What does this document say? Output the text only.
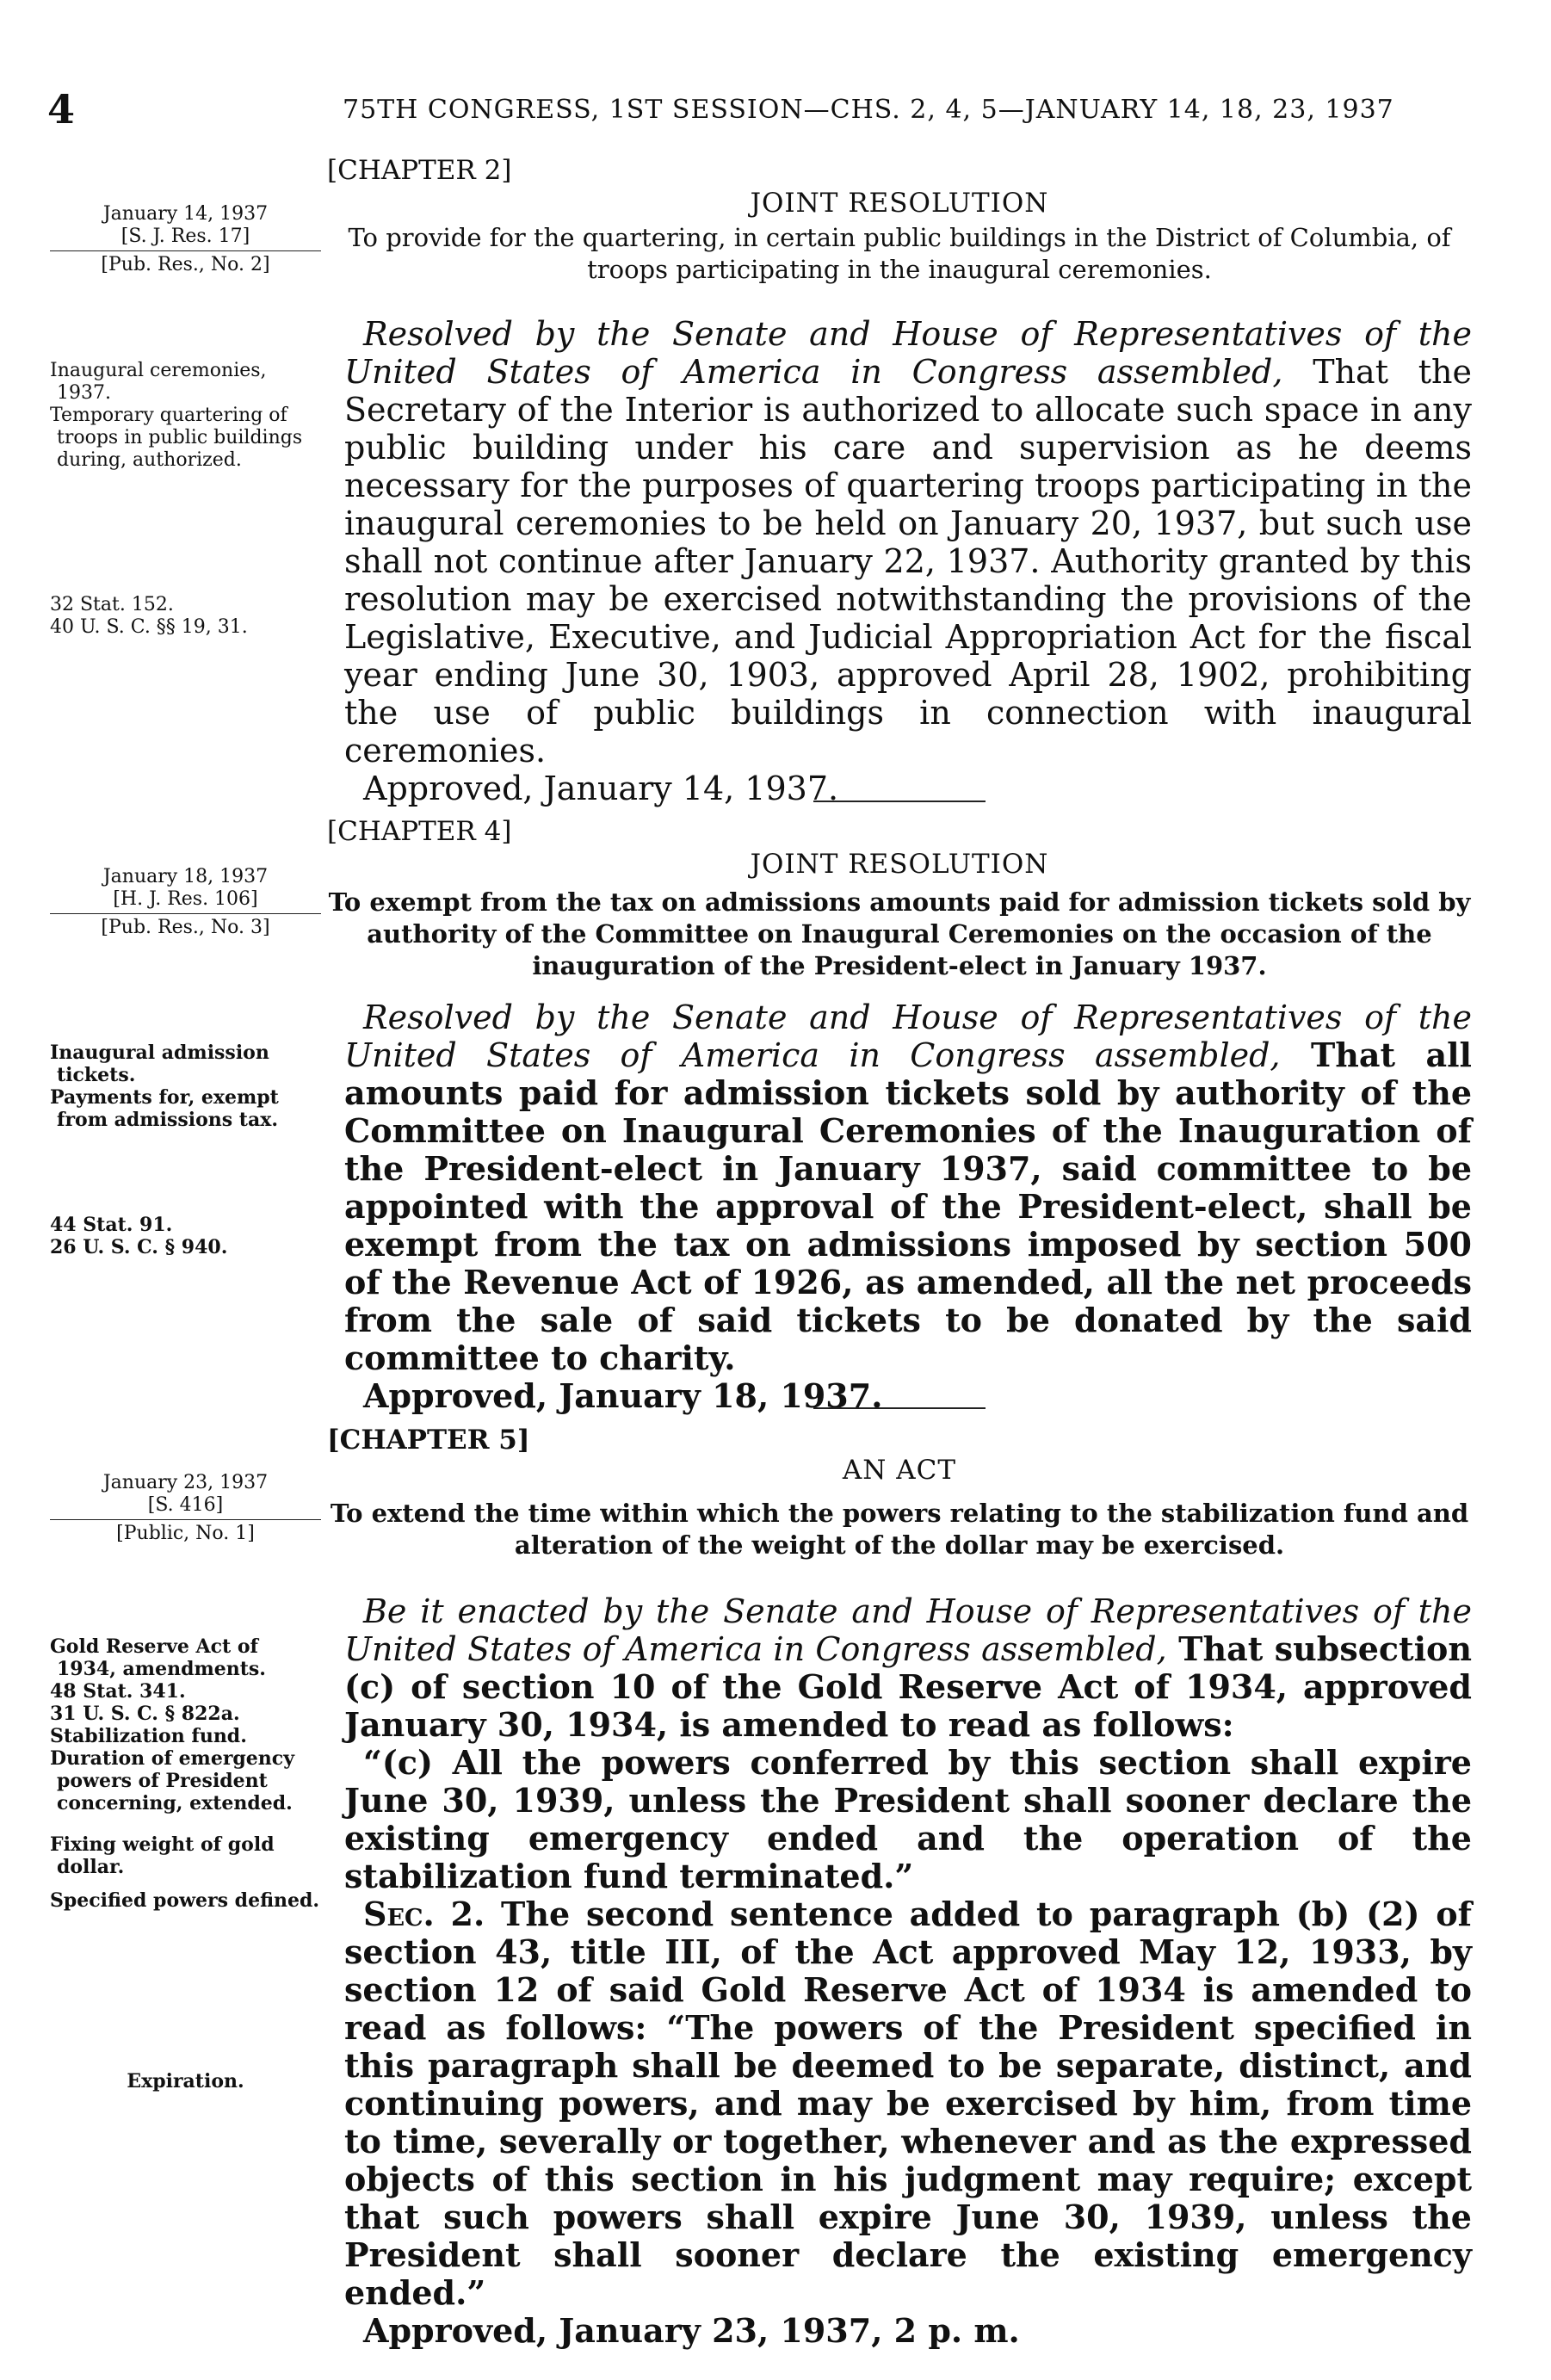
4	75TH CONGRESS, 1ST SESSION—CHS. 2, 4, 5—JANUARY 14, 18, 23, 1937
[CHAPTER 2]
JOINT RESOLUTION
To provide for the quartering, in certain public buildings in the District of Columbia, of troops participating in the inaugural ceremonies.

January 14, 1937

[S. J. Res. 17]

[Pub. Res., No. 2]

Inaugural ceremonies, 1937.

Temporary quartering of troops in public buildings during, authorized.

32 Stat. 152.

40 U. S. C. §§ 19, 31.

Resolved by the Senate and House of Representatives of the United States of America in Congress assembled, That the Secretary of the Interior is authorized to allocate such space in any public building under his care and supervision as he deems necessary for the purposes of quartering troops participating in the inaugural ceremonies to be held on January 20, 1937, but such use shall not continue after January 22, 1937. Authority granted by this resolution may be exercised notwithstanding the provisions of the Legislative, Executive, and Judicial Appropriation Act for the fiscal year ending June 30, 1903, approved April 28, 1902, prohibiting the use of public buildings in connection with inaugural ceremonies.

Approved, January 14, 1937.

[CHAPTER 4]
JOINT RESOLUTION
To exempt from the tax on admissions amounts paid for admission tickets sold by authority of the Committee on Inaugural Ceremonies on the occasion of the inauguration of the President-elect in January 1937.

January 18, 1937

[H. J. Res. 106]

[Pub. Res., No. 3]

Inaugural admission tickets.

Payments for, exempt from admissions tax.

44 Stat. 91.

26 U. S. C. § 940.

Resolved by the Senate and House of Representatives of the United States of America in Congress assembled, That all amounts paid for admission tickets sold by authority of the Committee on Inaugural Ceremonies of the Inauguration of the President-elect in January 1937, said committee to be appointed with the approval of the President-elect, shall be exempt from the tax on admissions imposed by section 500 of the Revenue Act of 1926, as amended, all the net proceeds from the sale of said tickets to be donated by the said committee to charity.

Approved, January 18, 1937.

[CHAPTER 5]
AN ACT
To extend the time within which the powers relating to the stabilization fund and alteration of the weight of the dollar may be exercised.

January 23, 1937

[S. 416]

[Public, No. 1]

Gold Reserve Act of 1934, amendments.

48 Stat. 341.

31 U. S. C. § 822a.

Stabilization fund.

Duration of emergency powers of President concerning, extended.

Fixing weight of gold dollar.

Specified powers defined.

Expiration.

Be it enacted by the Senate and House of Representatives of the United States of America in Congress assembled, That subsection (c) of section 10 of the Gold Reserve Act of 1934, approved January 30, 1934, is amended to read as follows:

“(c) All the powers conferred by this section shall expire June 30, 1939, unless the President shall sooner declare the existing emergency ended and the operation of the stabilization fund terminated.”

Sec. 2. The second sentence added to paragraph (b) (2) of section 43, title III, of the Act approved May 12, 1933, by section 12 of said Gold Reserve Act of 1934 is amended to read as follows: “The powers of the President specified in this paragraph shall be deemed to be separate, distinct, and continuing powers, and may be exercised by him, from time to time, severally or together, whenever and as the expressed objects of this section in his judgment may require; except that such powers shall expire June 30, 1939, unless the President shall sooner declare the existing emergency ended.”

Approved, January 23, 1937, 2 p. m.
